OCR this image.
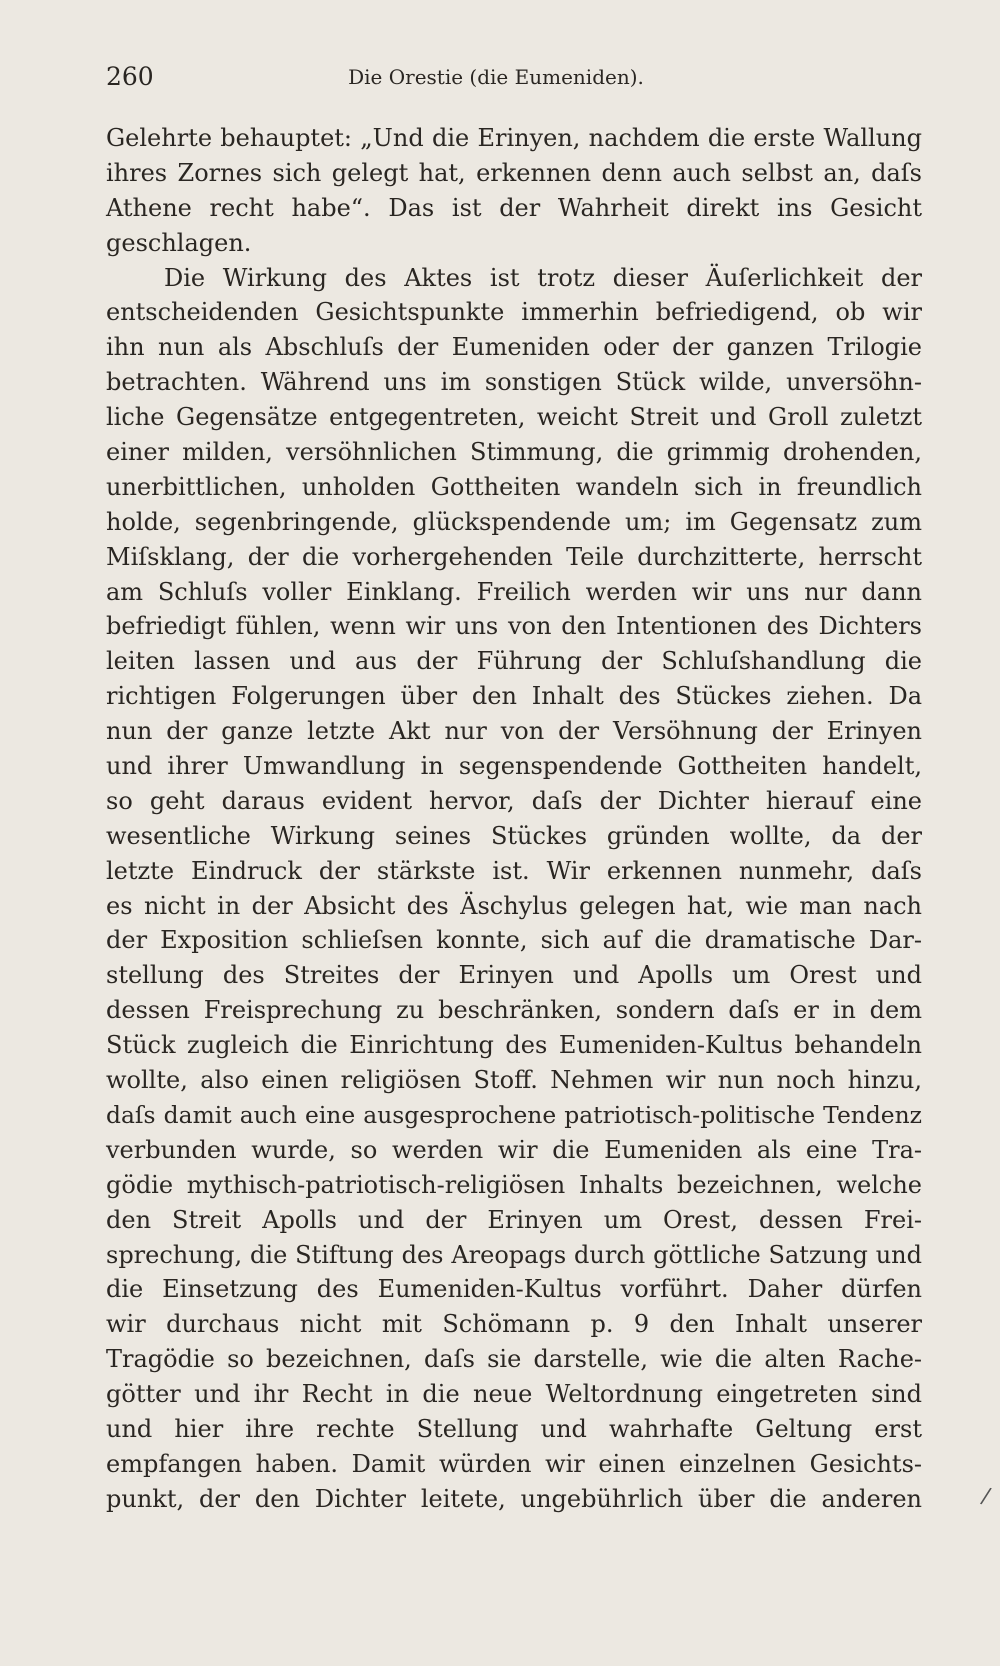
260	Die Orestie (die Eumeniden).
Gelehrte behauptet: „Und die Erinyen, nachdem die erste Wallung
ihres Zornes sich gelegt hat, erkennen denn auch selbst an, daſs
Athene recht habe“. Das ist der Wahrheit direkt ins Gesicht
geschlagen.
Die Wirkung des Aktes ist trotz dieser Äuſerlichkeit der
entscheidenden Gesichtspunkte immerhin befriedigend, ob wir
ihn nun als Abschluſs der Eumeniden oder der ganzen Trilogie
betrachten. Während uns im sonstigen Stück wilde, unversöhn-
liche Gegensätze entgegentreten, weicht Streit und Groll zuletzt
einer milden, versöhnlichen Stimmung, die grimmig drohenden,
unerbittlichen, unholden Gottheiten wandeln sich in freundlich
holde, segenbringende, glückspendende um; im Gegensatz zum
Miſsklang, der die vorhergehenden Teile durchzitterte, herrscht
am Schluſs voller Einklang. Freilich werden wir uns nur dann
befriedigt fühlen, wenn wir uns von den Intentionen des Dichters
leiten lassen und aus der Führung der Schluſshandlung die
richtigen Folgerungen über den Inhalt des Stückes ziehen. Da
nun der ganze letzte Akt nur von der Versöhnung der Erinyen
und ihrer Umwandlung in segenspendende Gottheiten handelt,
so geht daraus evident hervor, daſs der Dichter hierauf eine
wesentliche Wirkung seines Stückes gründen wollte, da der
letzte Eindruck der stärkste ist. Wir erkennen nunmehr, daſs
es nicht in der Absicht des Äschylus gelegen hat, wie man nach
der Exposition schlieſsen konnte, sich auf die dramatische Dar-
stellung des Streites der Erinyen und Apolls um Orest und
dessen Freisprechung zu beschränken, sondern daſs er in dem
Stück zugleich die Einrichtung des Eumeniden-Kultus behandeln
wollte, also einen religiösen Stoff. Nehmen wir nun noch hinzu,
daſs damit auch eine ausgesprochene patriotisch-politische Tendenz
verbunden wurde, so werden wir die Eumeniden als eine Tra-
gödie mythisch-patriotisch-religiösen Inhalts bezeichnen, welche
den Streit Apolls und der Erinyen um Orest, dessen Frei-
sprechung, die Stiftung des Areopags durch göttliche Satzung und
die Einsetzung des Eumeniden-Kultus vorführt. Daher dürfen
wir durchaus nicht mit Schömann p. 9 den Inhalt unserer
Tragödie so bezeichnen, daſs sie darstelle, wie die alten Rache-
götter und ihr Recht in die neue Weltordnung eingetreten sind
und hier ihre rechte Stellung und wahrhafte Geltung erst
empfangen haben. Damit würden wir einen einzelnen Gesichts-
punkt, der den Dichter leitete, ungebührlich über die anderen	/
